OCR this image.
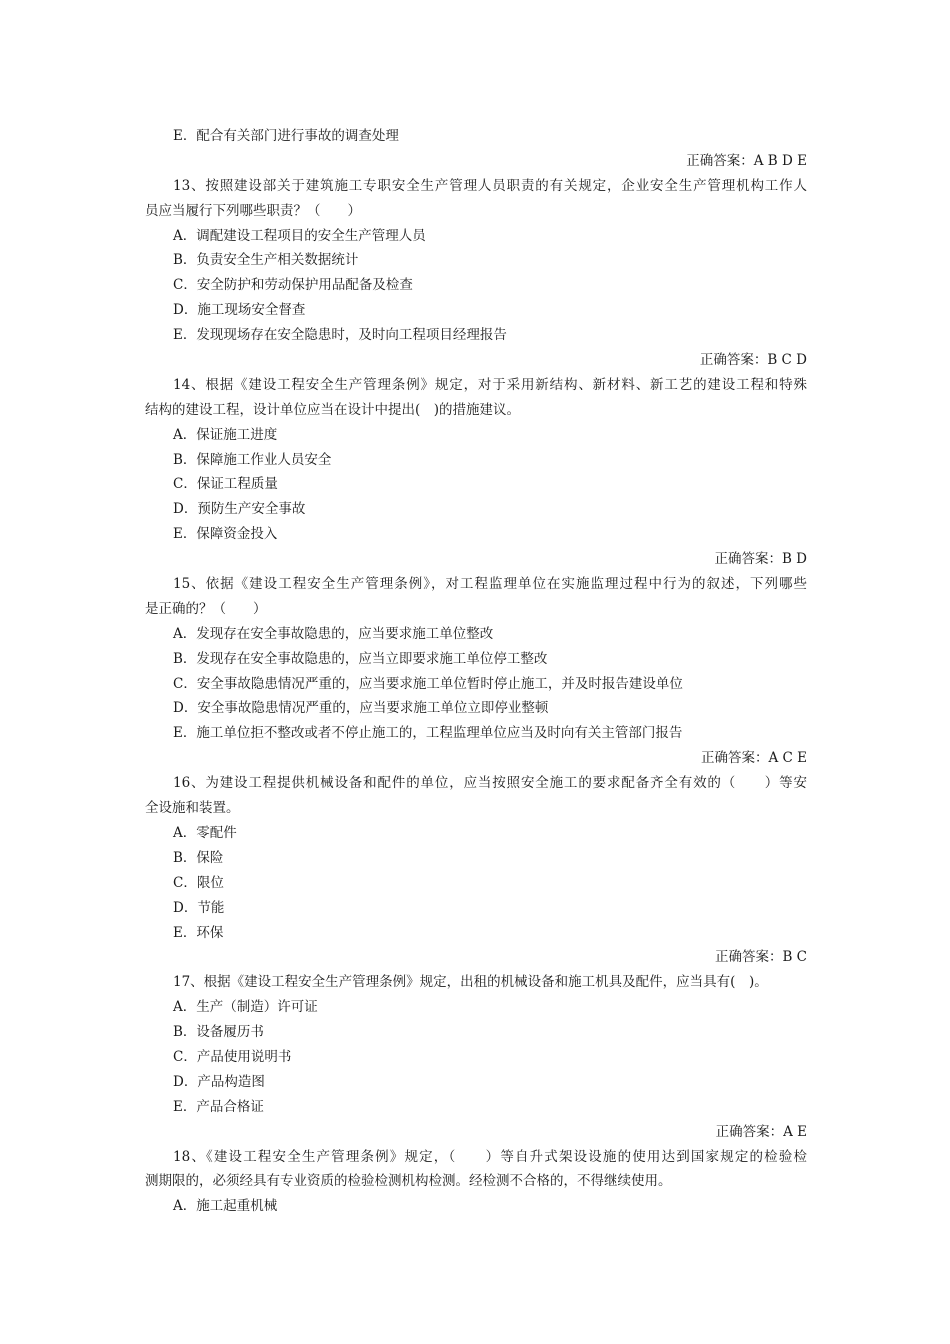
E．配合有关部门进行事故的调查处理
正确答案：A B D E
13、按照建设部关于建筑施工专职安全生产管理人员职责的有关规定，企业安全生产管理机构工作人
员应当履行下列哪些职责？（　　）
A．调配建设工程项目的安全生产管理人员
B．负责安全生产相关数据统计
C．安全防护和劳动保护用品配备及检查
D．施工现场安全督查
E．发现现场存在安全隐患时，及时向工程项目经理报告
正确答案：B C D
14、根据《建设工程安全生产管理条例》规定，对于采用新结构、新材料、新工艺的建设工程和特殊
结构的建设工程，设计单位应当在设计中提出(　)的措施建议。
A．保证施工进度
B．保障施工作业人员安全
C．保证工程质量
D．预防生产安全事故
E．保障资金投入
正确答案：B D
15、依据《建设工程安全生产管理条例》，对工程监理单位在实施监理过程中行为的叙述，下列哪些
是正确的？（　　）
A．发现存在安全事故隐患的，应当要求施工单位整改
B．发现存在安全事故隐患的，应当立即要求施工单位停工整改
C．安全事故隐患情况严重的，应当要求施工单位暂时停止施工，并及时报告建设单位
D．安全事故隐患情况严重的，应当要求施工单位立即停业整顿
E．施工单位拒不整改或者不停止施工的，工程监理单位应当及时向有关主管部门报告
正确答案：A C E
16、为建设工程提供机械设备和配件的单位，应当按照安全施工的要求配备齐全有效的（　　）等安
全设施和装置。
A．零配件
B．保险
C．限位
D．节能
E．环保
正确答案：B C
17、根据《建设工程安全生产管理条例》规定，出租的机械设备和施工机具及配件，应当具有(　)。
A．生产（制造）许可证
B．设备履历书
C．产品使用说明书
D．产品构造图
E．产品合格证
正确答案：A E
18、《建设工程安全生产管理条例》规定，（　　）等自升式架设设施的使用达到国家规定的检验检
测期限的，必须经具有专业资质的检验检测机构检测。经检测不合格的，不得继续使用。
A．施工起重机械
